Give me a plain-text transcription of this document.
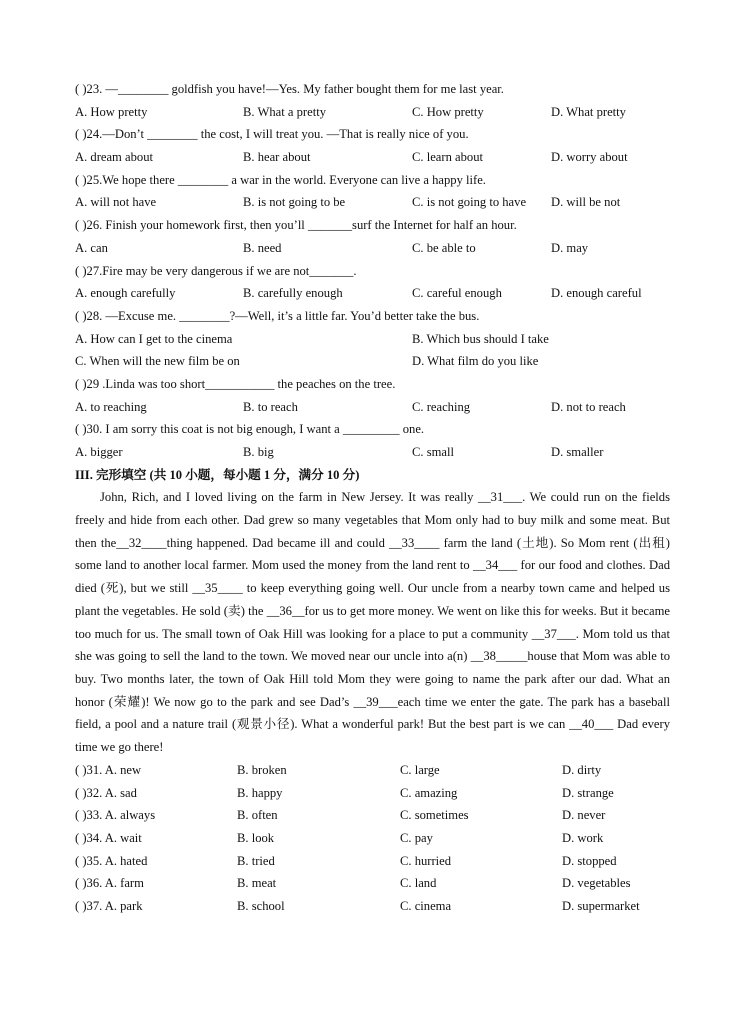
( )23. —________ goldfish you have!—Yes. My father bought them for me last year.
A. How pretty	B. What a pretty	C. How pretty	D. What pretty
( )24.—Don’t ________ the cost, I will treat you. —That is really nice of you.
A. dream about	B. hear about	C. learn about	D. worry about
( )25.We hope there ________ a war in the world. Everyone can live a happy life.
A. will not have	B. is not going to be	C. is not going to have D. will be not
( )26. Finish your homework first, then you’ll _______surf the Internet for half an hour.
A. can	B. need	C. be able to	D. may
( )27.Fire may be very dangerous if we are not_______.
A. enough carefully	B. carefully enough	C. careful enough	D. enough careful
( )28. —Excuse me. ________?—Well, it’s a little far. You’d better take the bus.
A. How can I get to the cinema	B. Which bus should I take
C. When will the new film be on	D. What film do you like
( )29 .Linda was too short___________ the peaches on the tree.
A. to reaching	B. to reach	C. reaching	D. not to reach
( )30. I am sorry this coat is not big enough, I want a _________ one.
A. bigger	B. big	C. small	D. smaller
III. 完形填空 (共 10 小题，每小题 1 分，满分 10 分)

John, Rich, and I loved living on the farm in New Jersey. It was really __31___. We could run on the fields freely and hide from each other. Dad grew so many vegetables that Mom only had to buy milk and some meat. But then the__32____thing happened. Dad became ill and could __33____ farm the land (土地). So Mom rent (出租) some land to another local farmer. Mom used the money from the land rent to __34___ for our food and clothes. Dad died (死), but we still __35____ to keep everything going well. Our uncle from a nearby town came and helped us plant the vegetables. He sold (卖) the __36__for us to get more money. We went on like this for weeks. But it became too much for us. The small town of Oak Hill was looking for a place to put a community __37___. Mom told us that she was going to sell the land to the town. We moved near our uncle into a(n) __38_____house that Mom was able to buy. Two months later, the town of Oak Hill told Mom they were going to name the park after our dad. What an honor (荣耀)! We now go to the park and see Dad’s __39___each time we enter the gate. The park has a baseball field, a pool and a nature trail (观景小径). What a wonderful park! But the best part is we can __40___ Dad every time we go there!

( )31. A. new	B. broken	C. large	D. dirty
( )32. A. sad	B. happy	C. amazing	D. strange
( )33. A. always	B. often	C. sometimes	D. never
( )34. A. wait	B. look	C. pay	D. work
( )35. A. hated	B. tried	C. hurried	D. stopped
( )36. A. farm	B. meat	C. land	D. vegetables
( )37. A. park	B. school	C. cinema	D. supermarket
